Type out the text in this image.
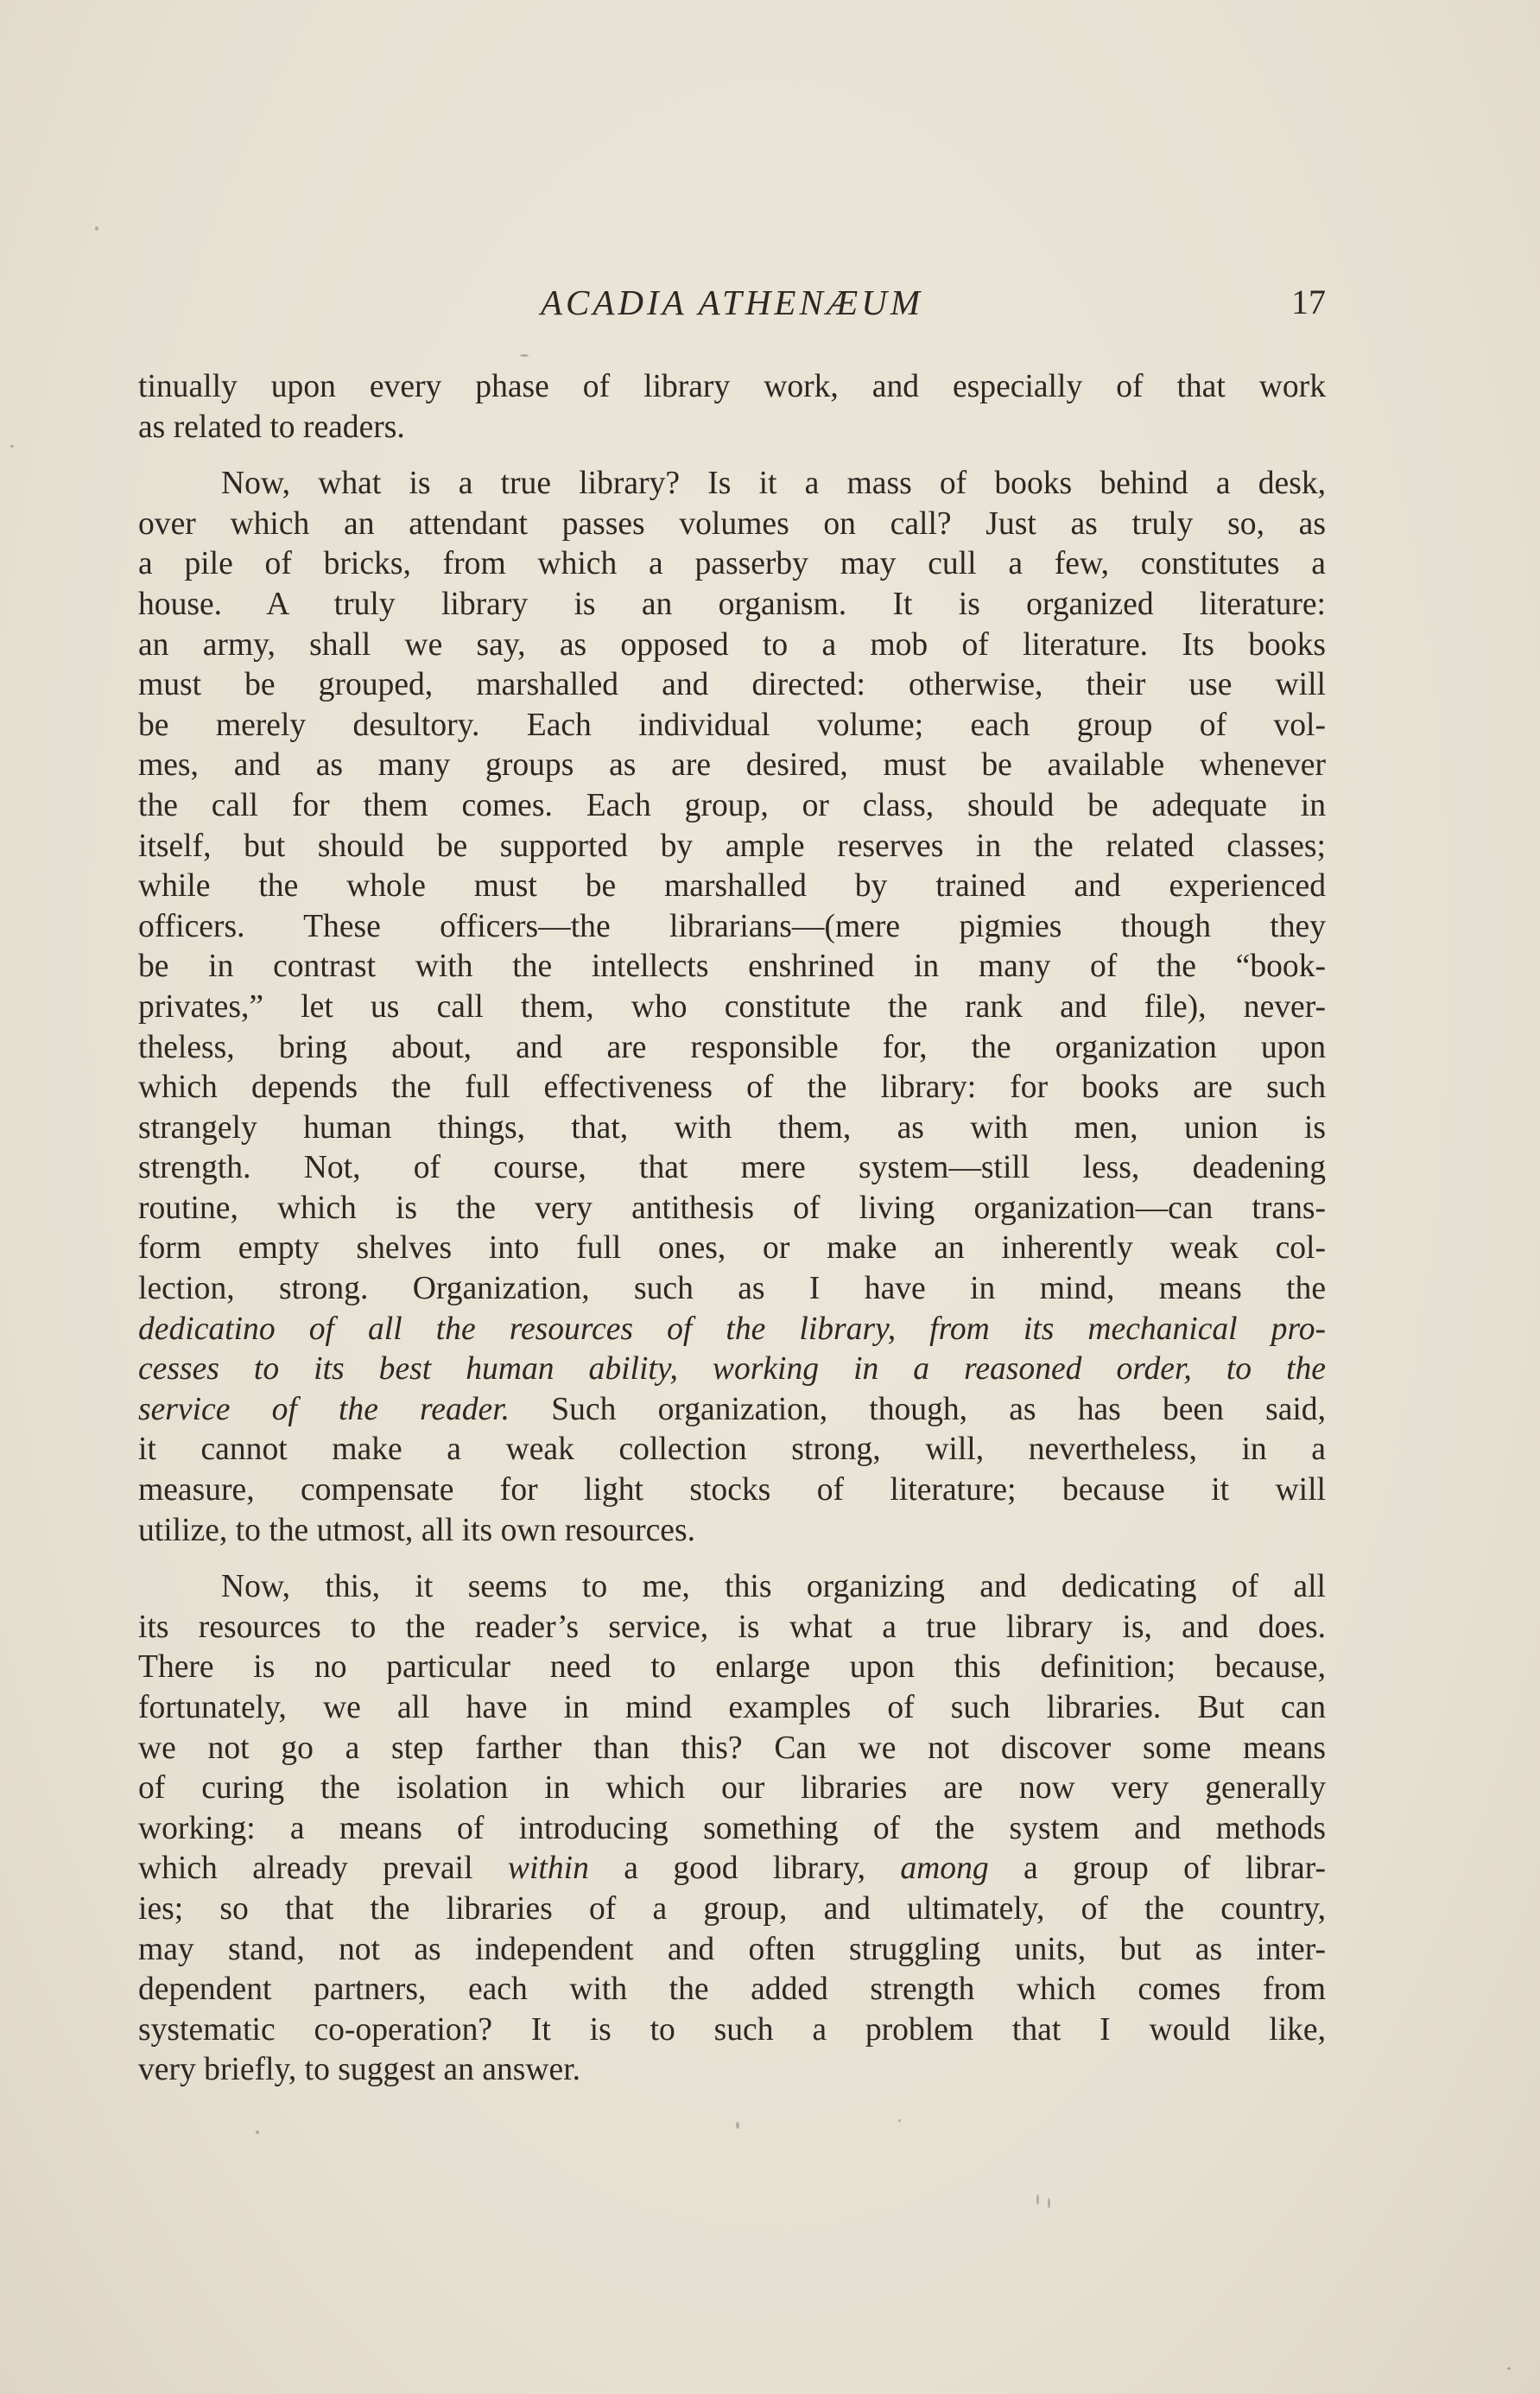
ACADIA ATHENÆUM	17

tinually upon every phase of library work, and especially of that work
as related to readers.

Now, what is a true library? Is it a mass of books behind a desk,
over which an attendant passes volumes on call? Just as truly so, as
a pile of bricks, from which a passerby may cull a few, constitutes a
house. A truly library is an organism. It is organized literature:
an army, shall we say, as opposed to a mob of literature. Its books
must be grouped, marshalled and directed: otherwise, their use will
be merely desultory. Each individual volume; each group of vol-
mes, and as many groups as are desired, must be available whenever
the call for them comes. Each group, or class, should be adequate in
itself, but should be supported by ample reserves in the related classes;
while the whole must be marshalled by trained and experienced
officers. These officers—the librarians—(mere pigmies though they
be in contrast with the intellects enshrined in many of the “book-
privates,” let us call them, who constitute the rank and file), never-
theless, bring about, and are responsible for, the organization upon
which depends the full effectiveness of the library: for books are such
strangely human things, that, with them, as with men, union is
strength. Not, of course, that mere system—still less, deadening
routine, which is the very antithesis of living organization—can trans-
form empty shelves into full ones, or make an inherently weak col-
lection, strong. Organization, such as I have in mind, means the
dedicatino of all the resources of the library, from its mechanical pro-
cesses to its best human ability, working in a reasoned order, to the
service of the reader. Such organization, though, as has been said,
it cannot make a weak collection strong, will, nevertheless, in a
measure, compensate for light stocks of literature; because it will
utilize, to the utmost, all its own resources.

Now, this, it seems to me, this organizing and dedicating of all
its resources to the reader’s service, is what a true library is, and does.
There is no particular need to enlarge upon this definition; because,
fortunately, we all have in mind examples of such libraries. But can
we not go a step farther than this? Can we not discover some means
of curing the isolation in which our libraries are now very generally
working: a means of introducing something of the system and methods
which already prevail within a good library, among a group of librar-
ies; so that the libraries of a group, and ultimately, of the country,
may stand, not as independent and often struggling units, but as inter-
dependent partners, each with the added strength which comes from
systematic co-operation? It is to such a problem that I would like,
very briefly, to suggest an answer.
